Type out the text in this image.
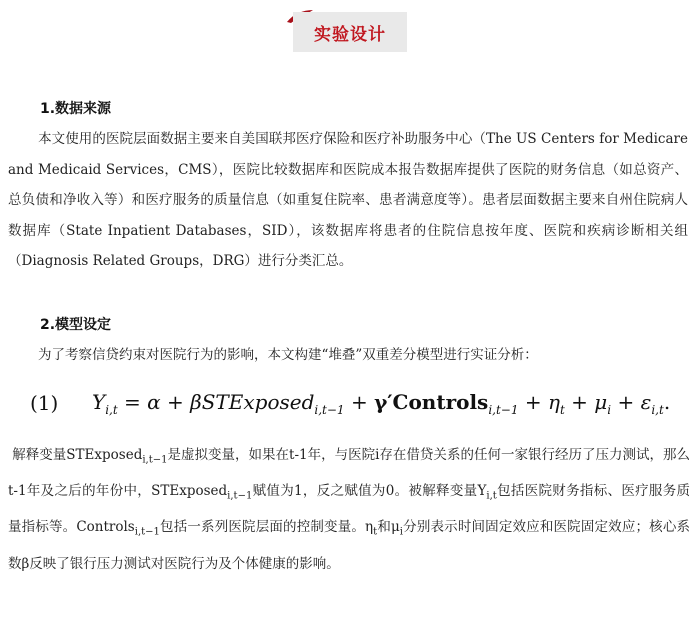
实验设计
1.数据来源

本文使用的医院层面数据主要来自美国联邦医疗保险和医疗补助服务中心（The US Centers for Medicare and Medicaid Services，CMS），医院比较数据库和医院成本报告数据库提供了医院的财务信息（如总资产、总负债和净收入等）和医疗服务的质量信息（如重复住院率、患者满意度等）。患者层面数据主要来自州住院病人数据库（State Inpatient Databases，SID），该数据库将患者的住院信息按年度、医院和疾病诊断相关组（Diagnosis Related Groups，DRG）进行分类汇总。

2.模型设定

为了考察信贷约束对医院行为的影响，本文构建“堆叠”双重差分模型进行实证分析：

(1)	$Y_{i,t} = \alpha$ + βSTExposed$_{i,t-1}$ + γ′Controls$_{i,t-1}$ + $\eta_t + \mu_i + \varepsilon_{i,t}$.

解释变量STExposed$_{i,t-1}$是虚拟变量，如果在t-1年，与医院i存在借贷关系的任何一家银行经历了压力测试，那么t-1年及之后的年份中，STExposed$_{i,t-1}$赋值为1，反之赋值为0。被解释变量$Y_{i,t}$包括医院财务指标、医疗服务质量指标等。Controls$_{i,t-1}$包括一系列医院层面的控制变量。$\eta_t$和$\mu_i$分别表示时间固定效应和医院固定效应；核心系数β反映了银行压力测试对医院行为及个体健康的影响。
